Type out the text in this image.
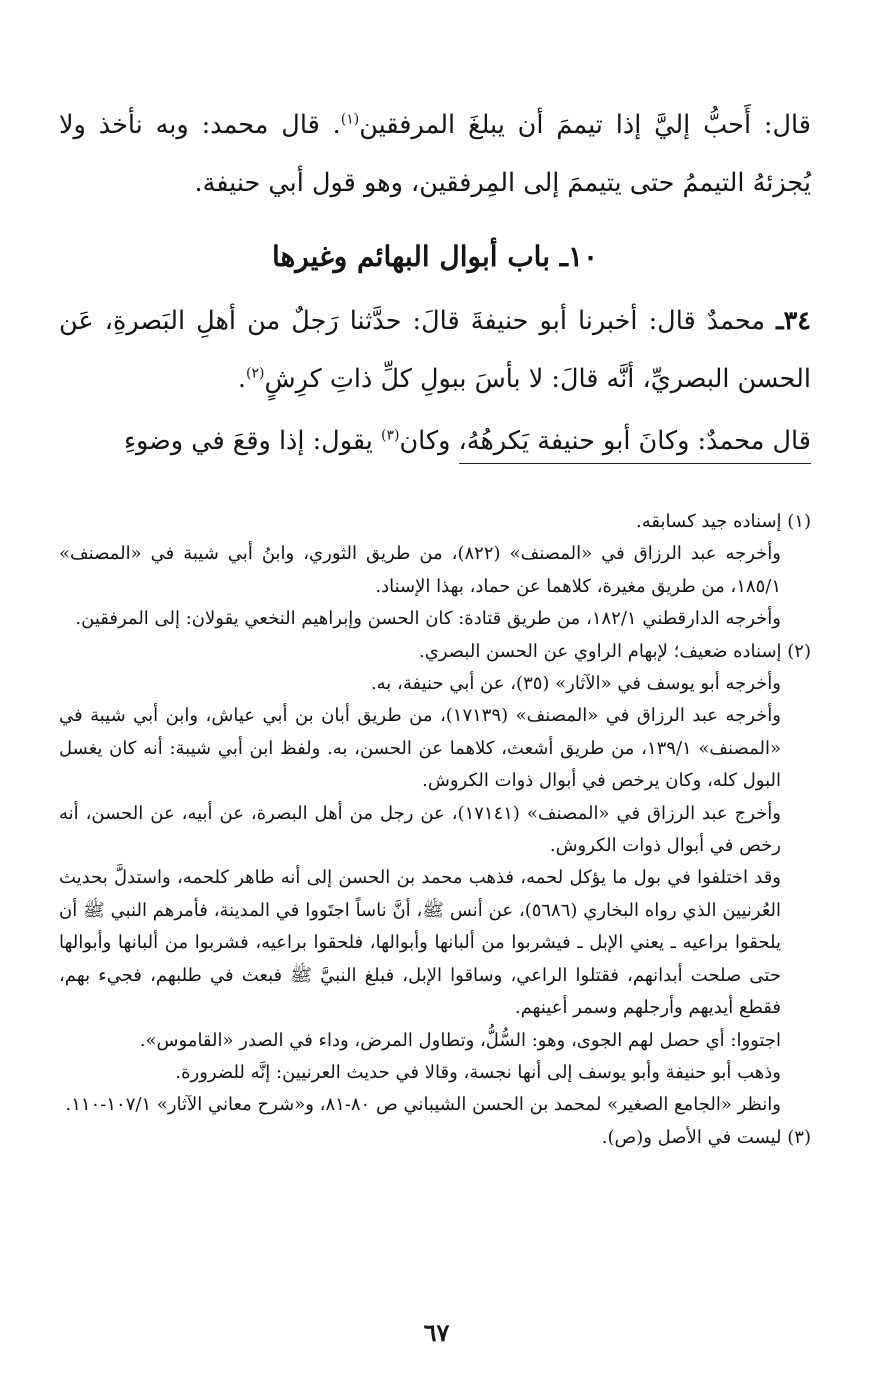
قال: أَحبُّ إليَّ إذا تيممَ أن يبلغَ المرفقين$^{(١)}$. قال محمد: وبه نأخذ ولا يُجزئهُ التيممُ حتى يتيممَ إلى المِرفقين، وهو قول أبي حنيفة.

١٠ـ باب أبوال البهائم وغيرها

٣٤ـ محمدٌ قال: أخبرنا أبو حنيفةَ قالَ: حدَّثنا رَجلٌ من أهلِ البَصرةِ، عَن الحسن البصريِّ، أنَّه قالَ: لا بأسَ ببولِ كلِّ ذاتِ كرِشٍ$^{(٢)}$.

قال محمدٌ: وكانَ أبو حنيفة يَكرهُهُ، وكان$^{(٣)}$ يقول: إذا وقعَ في وضوءِ

(١) إسناده جيد كسابقه.

وأخرجه عبد الرزاق في «المصنف» (٨٢٢)، من طريق الثوري، وابنُ أبي شيبة في «المصنف» ١٨٥/١، من طريق مغيرة، كلاهما عن حماد، بهذا الإسناد.

وأخرجه الدارقطني ١٨٢/١، من طريق قتادة: كان الحسن وإبراهيم النخعي يقولان: إلى المرفقين.

(٢) إسناده ضعيف؛ لإبهام الراوي عن الحسن البصري.

وأخرجه أبو يوسف في «الآثار» (٣٥)، عن أبي حنيفة، به.

وأخرجه عبد الرزاق في «المصنف» (١٧١٣٩)، من طريق أبان بن أبي عياش، وابن أبي شيبة في «المصنف» ١٣٩/١، من طريق أشعث، كلاهما عن الحسن، به. ولفظ ابن أبي شيبة: أنه كان يغسل البول كله، وكان يرخص في أبوال ذوات الكروش.

وأخرج عبد الرزاق في «المصنف» (١٧١٤١)، عن رجل من أهل البصرة، عن أبيه، عن الحسن، أنه رخص في أبوال ذوات الكروش.

وقد اختلفوا في بول ما يؤكل لحمه، فذهب محمد بن الحسن إلى أنه طاهر كلحمه، واستدلَّ بحديث العُرنيين الذي رواه البخاري (٥٦٨٦)، عن أنس ﷺ، أنَّ ناساً اجتَووا في المدينة، فأمرهم النبي ﷺ أن يلحقوا براعيه ـ يعني الإبل ـ فيشربوا من ألبانها وأبوالها، فلحقوا براعيه، فشربوا من ألبانها وأبوالها حتى صلحت أبدانهم، فقتلوا الراعي، وساقوا الإبل، فبلغ النبيَّ ﷺ فبعث في طلبهم، فجيء بهم، فقطع أيديهم وأرجلهم وسمر أعينهم.

اجتووا: أي حصل لهم الجوى، وهو: السُّلُّ، وتطاول المرض، وداء في الصدر «القاموس».

وذهب أبو حنيفة وأبو يوسف إلى أنها نجسة، وقالا في حديث العرنيين: إنَّه للضرورة.

وانظر «الجامع الصغير» لمحمد بن الحسن الشيباني ص ٨٠-٨١، و«شرح معاني الآثار» ١٠٧/١-١١٠.

(٣) ليست في الأصل و(ص).

٦٧
